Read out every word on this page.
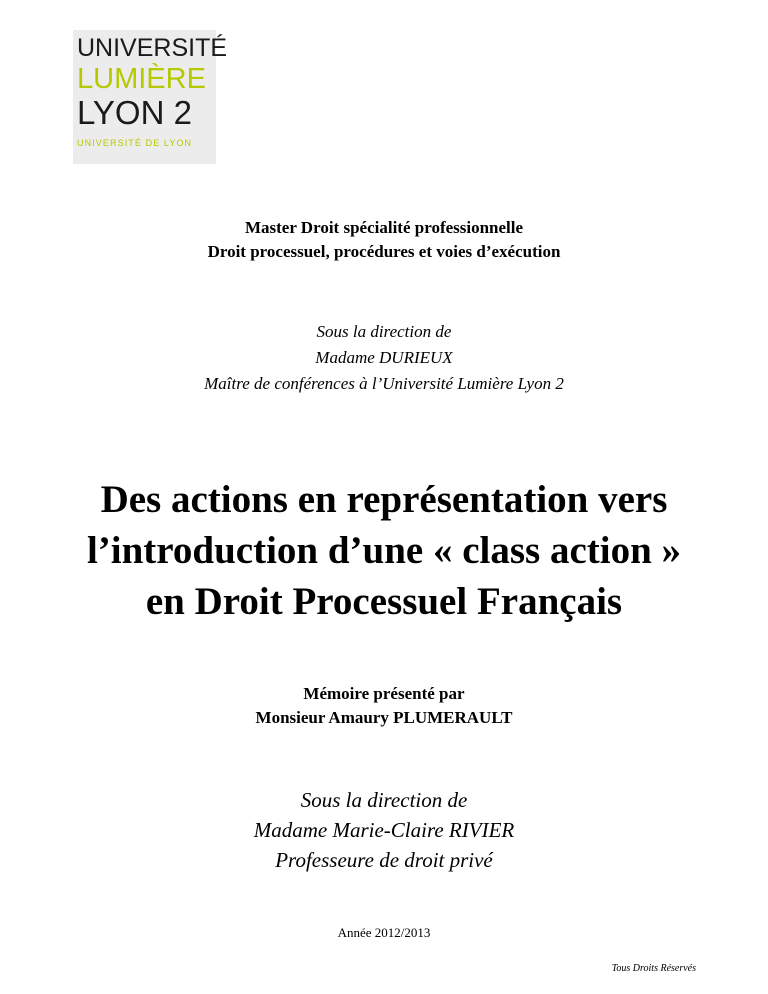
UNIVERSITÉ
LUMIÈRE
LYON 2
UNIVERSITÉ DE LYON
Master Droit spécialité professionnelle
Droit processuel, procédures et voies d’exécution
Sous la direction de
Madame DURIEUX
Maître de conférences à l’Université Lumière Lyon 2
Des actions en représentation vers
l’introduction d’une « class action »
en Droit Processuel Français
Mémoire présenté par
Monsieur Amaury PLUMERAULT
Sous la direction de
Madame Marie-Claire RIVIER
Professeure de droit privé
Année 2012/2013
Tous Droits Réservés
